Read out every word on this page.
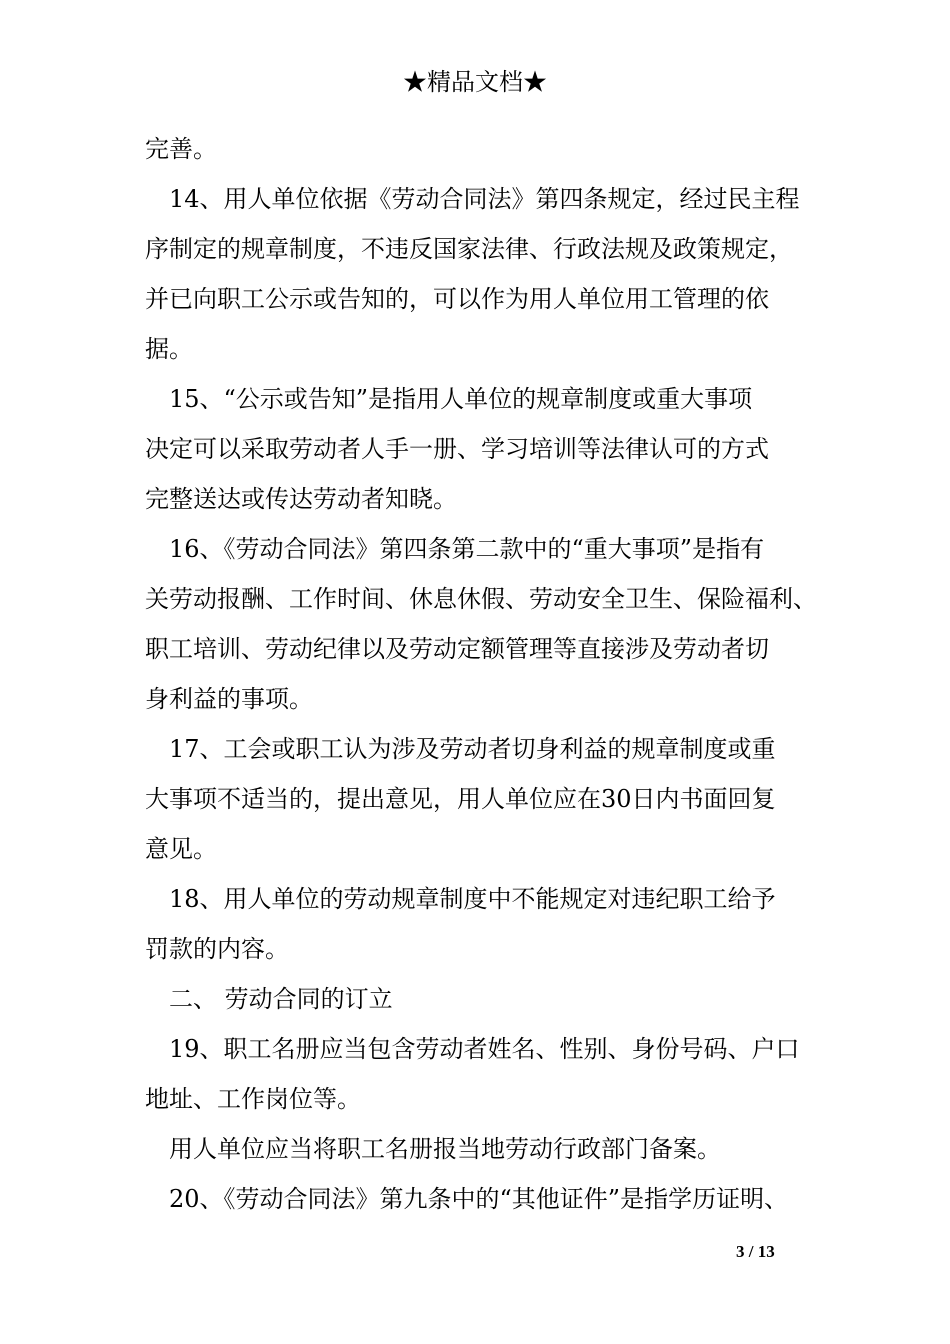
★精品文档★
完善。
14、用人单位依据《劳动合同法》第四条规定，经过民主程
序制定的规章制度，不违反国家法律、行政法规及政策规定，
并已向职工公示或告知的，可以作为用人单位用工管理的依
据。
15、“公示或告知”是指用人单位的规章制度或重大事项
决定可以采取劳动者人手一册、学习培训等法律认可的方式
完整送达或传达劳动者知晓。
16、《劳动合同法》第四条第二款中的“重大事项”是指有
关劳动报酬、工作时间、休息休假、劳动安全卫生、保险福利、
职工培训、劳动纪律以及劳动定额管理等直接涉及劳动者切
身利益的事项。
17、工会或职工认为涉及劳动者切身利益的规章制度或重
大事项不适当的，提出意见，用人单位应在30日内书面回复
意见。
18、用人单位的劳动规章制度中不能规定对违纪职工给予
罚款的内容。
二、 劳动合同的订立
19、职工名册应当包含劳动者姓名、性别、身份号码、户口
地址、工作岗位等。
用人单位应当将职工名册报当地劳动行政部门备案。
20、《劳动合同法》第九条中的“其他证件”是指学历证明、
3 / 13
